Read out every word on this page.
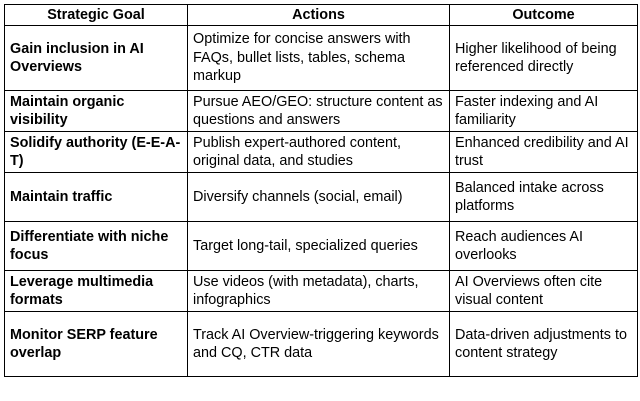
Strategic Goal	Actions	Outcome
Gain inclusion in AI Overviews	Optimize for concise answers with FAQs, bullet lists, tables, schema markup	Higher likelihood of being referenced directly
Maintain organic visibility	Pursue AEO/GEO: structure content as questions and answers	Faster indexing and AI familiarity
Solidify authority (E-E-A-T)	Publish expert-authored content, original data, and studies	Enhanced credibility and AI trust
Maintain traffic	Diversify channels (social, email)	Balanced intake across platforms
Differentiate with niche focus	Target long-tail, specialized queries	Reach audiences AI overlooks
Leverage multimedia formats	Use videos (with metadata), charts, infographics	AI Overviews often cite visual content
Monitor SERP feature overlap	Track AI Overview-triggering keywords and CQ, CTR data	Data-driven adjustments to content strategy
